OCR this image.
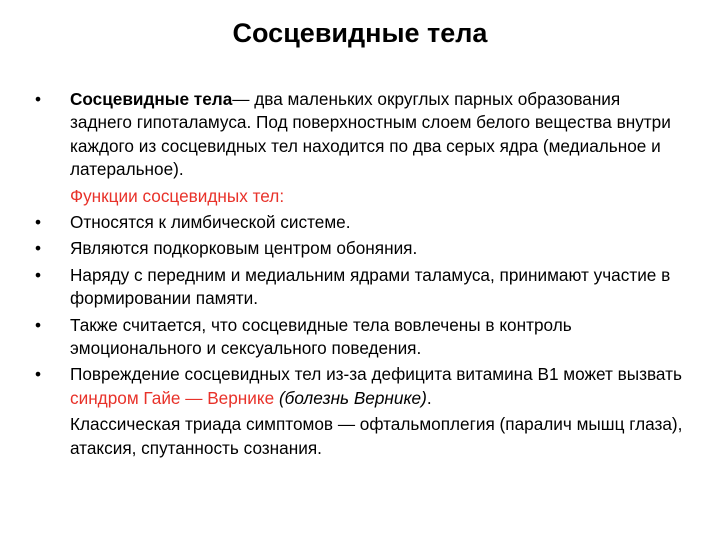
Сосцевидные тела
•	Сосцевидные тела— два маленьких округлых парных образования заднего гипоталамуса. Под поверхностным слоем белого вещества внутри каждого из сосцевидных тел находится по два серых ядра (медиальное и латеральное).
Функции сосцевидных тел:
•	Относятся к лимбической системе.
•	Являются подкорковым центром обоняния.
•	Наряду с передним и медиальним ядрами таламуса, принимают участие в формировании памяти.
•	Также считается, что сосцевидные тела вовлечены в контроль эмоционального и сексуального поведения.
•	Повреждение сосцевидных тел из-за дефицита витамина В1 может вызвать синдром Гайе — Вернике (болезнь Вернике).
Классическая триада симптомов — офтальмоплегия (паралич мышц глаза), атаксия, спутанность сознания.
